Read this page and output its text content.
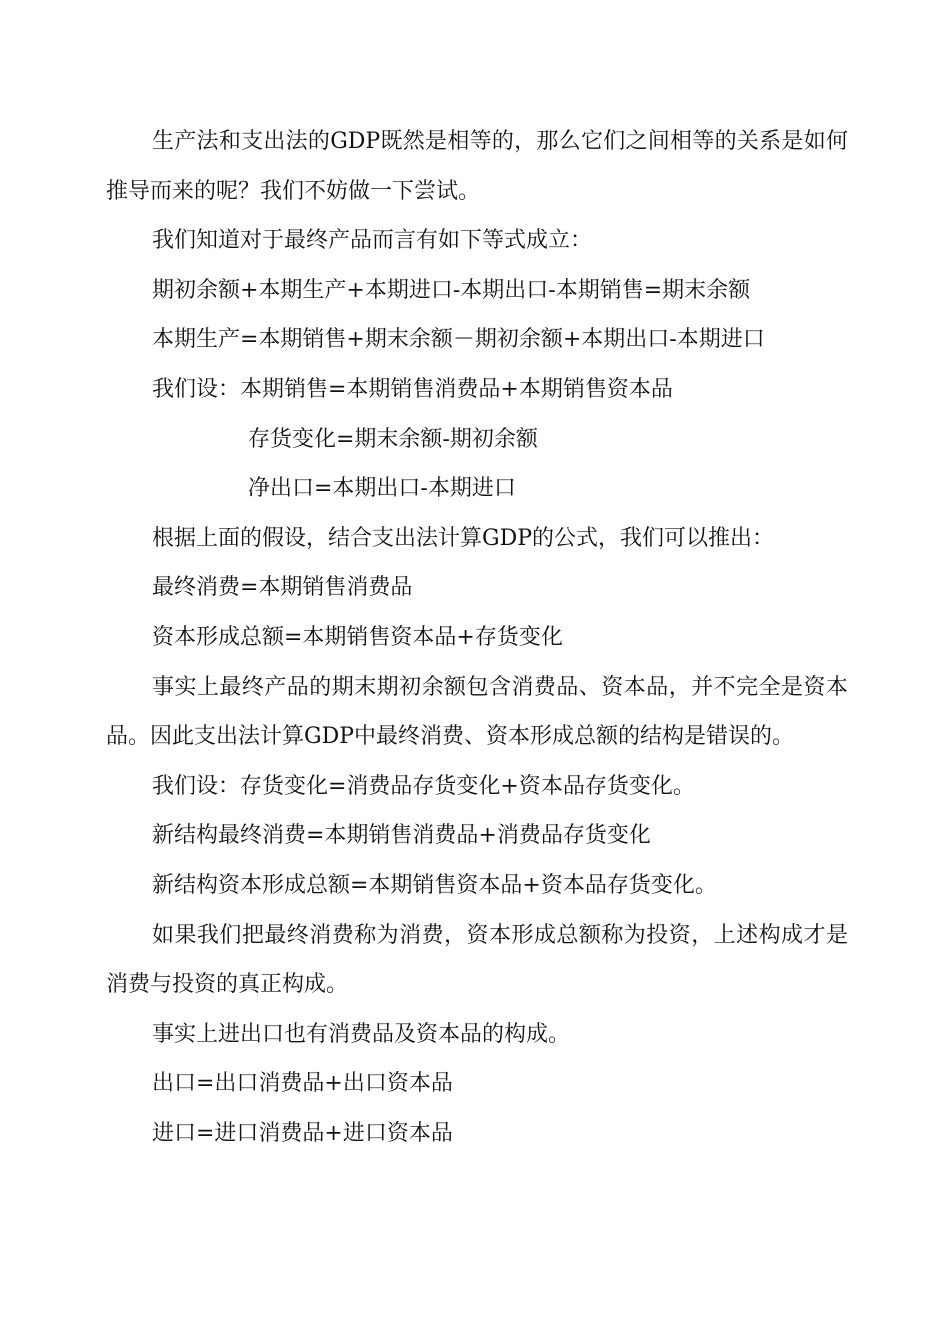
生产法和支出法的GDP既然是相等的，那么它们之间相等的关系是如何推导而来的呢？我们不妨做一下尝试。

我们知道对于最终产品而言有如下等式成立：

期初余额+本期生产+本期进口-本期出口-本期销售=期末余额

本期生产=本期销售+期末余额－期初余额+本期出口-本期进口

我们设：本期销售=本期销售消费品+本期销售资本品

存货变化=期末余额-期初余额

净出口=本期出口-本期进口

根据上面的假设，结合支出法计算GDP的公式，我们可以推出：

最终消费=本期销售消费品

资本形成总额=本期销售资本品+存货变化

事实上最终产品的期末期初余额包含消费品、资本品，并不完全是资本品。因此支出法计算GDP中最终消费、资本形成总额的结构是错误的。

我们设：存货变化=消费品存货变化+资本品存货变化。

新结构最终消费=本期销售消费品+消费品存货变化

新结构资本形成总额=本期销售资本品+资本品存货变化。

如果我们把最终消费称为消费，资本形成总额称为投资，上述构成才是消费与投资的真正构成。

事实上进出口也有消费品及资本品的构成。

出口=出口消费品+出口资本品

进口=进口消费品+进口资本品
